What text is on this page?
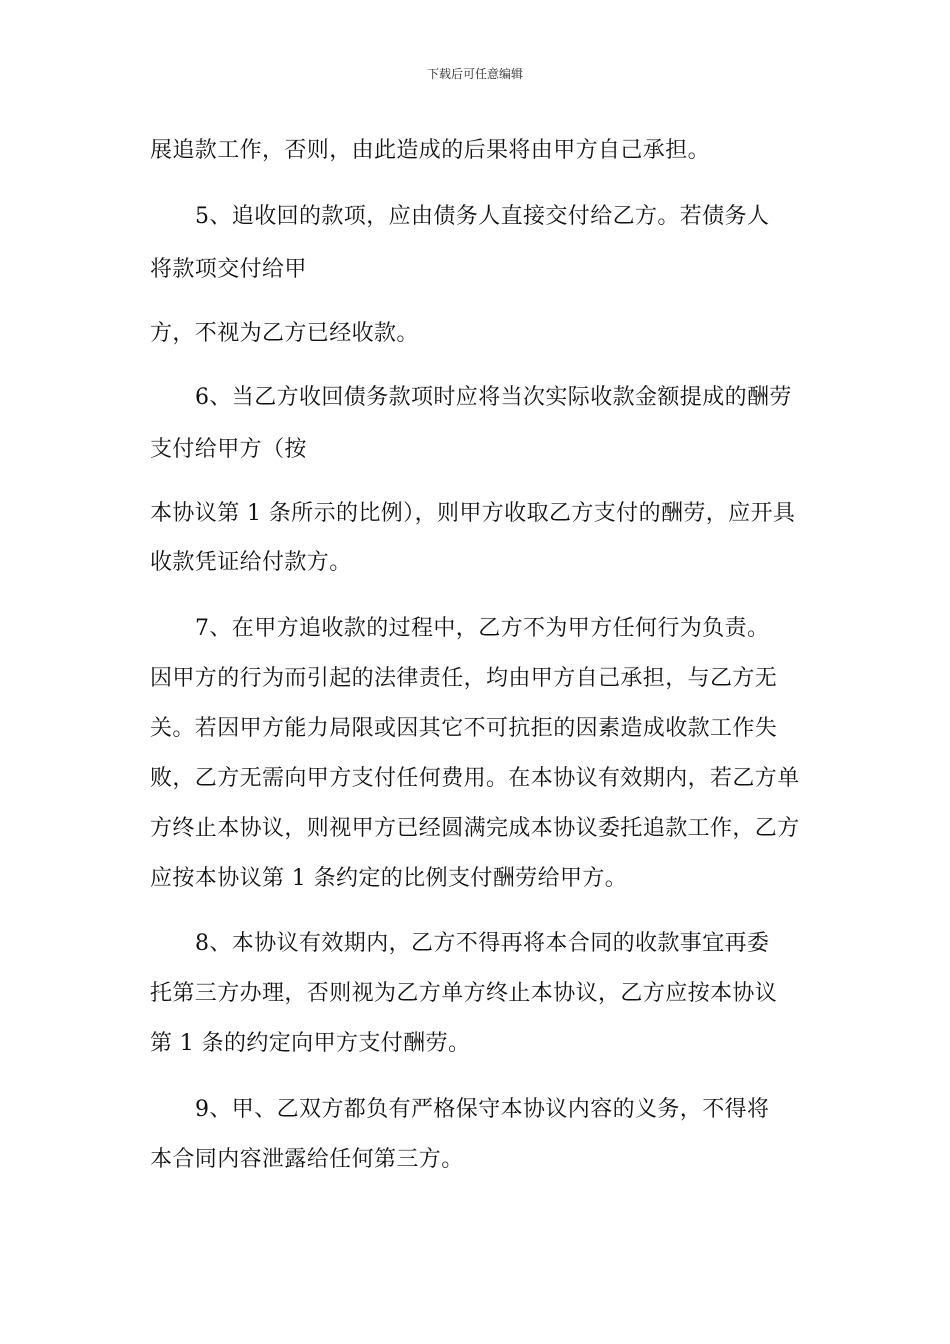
下载后可任意编辑
展追款工作，否则，由此造成的后果将由甲方自己承担。
5、追收回的款项，应由债务人直接交付给乙方。若债务人
将款项交付给甲
方，不视为乙方已经收款。
6、当乙方收回债务款项时应将当次实际收款金额提成的酬劳
支付给甲方（按
本协议第 1 条所示的比例），则甲方收取乙方支付的酬劳，应开具
收款凭证给付款方。
7、在甲方追收款的过程中，乙方不为甲方任何行为负责。
因甲方的行为而引起的法律责任，均由甲方自己承担，与乙方无
关。若因甲方能力局限或因其它不可抗拒的因素造成收款工作失
败，乙方无需向甲方支付任何费用。在本协议有效期内，若乙方单
方终止本协议，则视甲方已经圆满完成本协议委托追款工作，乙方
应按本协议第 1 条约定的比例支付酬劳给甲方。
8、本协议有效期内，乙方不得再将本合同的收款事宜再委
托第三方办理，否则视为乙方单方终止本协议，乙方应按本协议
第 1 条的约定向甲方支付酬劳。
9、甲、乙双方都负有严格保守本协议内容的义务，不得将
本合同内容泄露给任何第三方。
